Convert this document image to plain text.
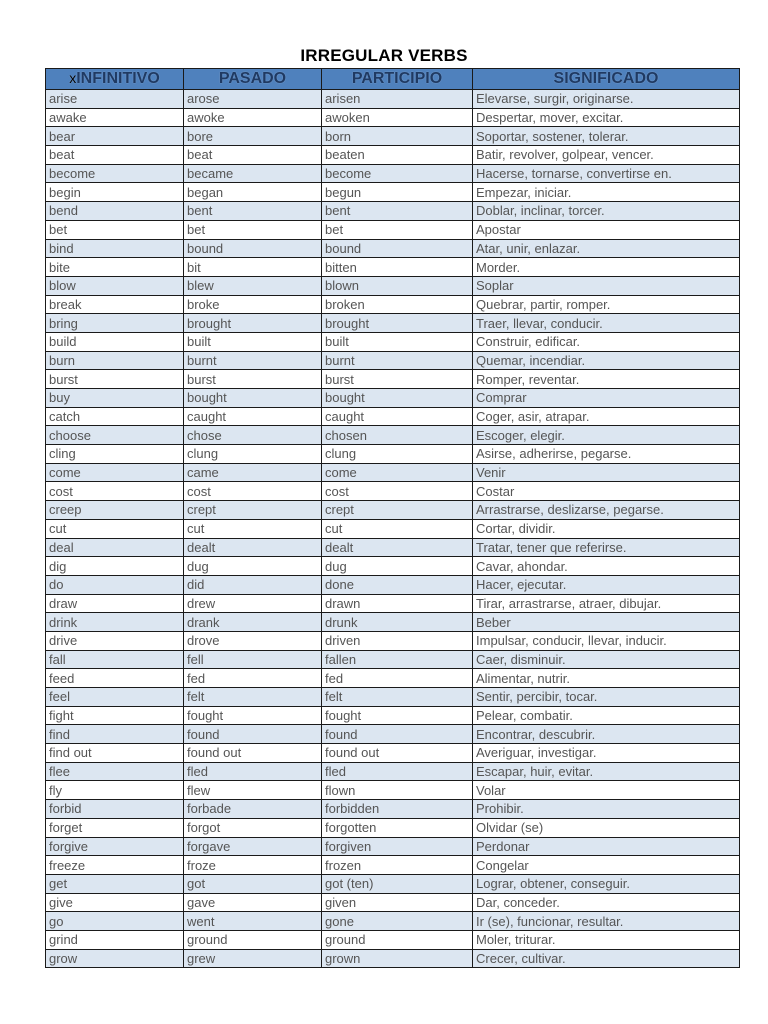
IRREGULAR VERBS
xINFINITIVO	PASADO	PARTICIPIO	SIGNIFICADO
arise	arose	arisen	Elevarse, surgir, originarse.
awake	awoke	awoken	Despertar, mover, excitar.
bear	bore	born	Soportar, sostener, tolerar.
beat	beat	beaten	Batir, revolver, golpear, vencer.
become	became	become	Hacerse, tornarse, convertirse en.
begin	began	begun	Empezar, iniciar.
bend	bent	bent	Doblar, inclinar, torcer.
bet	bet	bet	Apostar
bind	bound	bound	Atar, unir, enlazar.
bite	bit	bitten	Morder.
blow	blew	blown	Soplar
break	broke	broken	Quebrar, partir, romper.
bring	brought	brought	Traer, llevar, conducir.
build	built	built	Construir, edificar.
burn	burnt	burnt	Quemar, incendiar.
burst	burst	burst	Romper, reventar.
buy	bought	bought	Comprar
catch	caught	caught	Coger, asir, atrapar.
choose	chose	chosen	Escoger, elegir.
cling	clung	clung	Asirse, adherirse, pegarse.
come	came	come	Venir
cost	cost	cost	Costar
creep	crept	crept	Arrastrarse, deslizarse, pegarse.
cut	cut	cut	Cortar, dividir.
deal	dealt	dealt	Tratar, tener que referirse.
dig	dug	dug	Cavar, ahondar.
do	did	done	Hacer, ejecutar.
draw	drew	drawn	Tirar, arrastrarse, atraer, dibujar.
drink	drank	drunk	Beber
drive	drove	driven	Impulsar, conducir, llevar, inducir.
fall	fell	fallen	Caer, disminuir.
feed	fed	fed	Alimentar, nutrir.
feel	felt	felt	Sentir, percibir, tocar.
fight	fought	fought	Pelear, combatir.
find	found	found	Encontrar, descubrir.
find out	found out	found out	Averiguar, investigar.
flee	fled	fled	Escapar, huir, evitar.
fly	flew	flown	Volar
forbid	forbade	forbidden	Prohibir.
forget	forgot	forgotten	Olvidar (se)
forgive	forgave	forgiven	Perdonar
freeze	froze	frozen	Congelar
get	got	got (ten)	Lograr, obtener, conseguir.
give	gave	given	Dar, conceder.
go	went	gone	Ir (se), funcionar, resultar.
grind	ground	ground	Moler, triturar.
grow	grew	grown	Crecer, cultivar.
